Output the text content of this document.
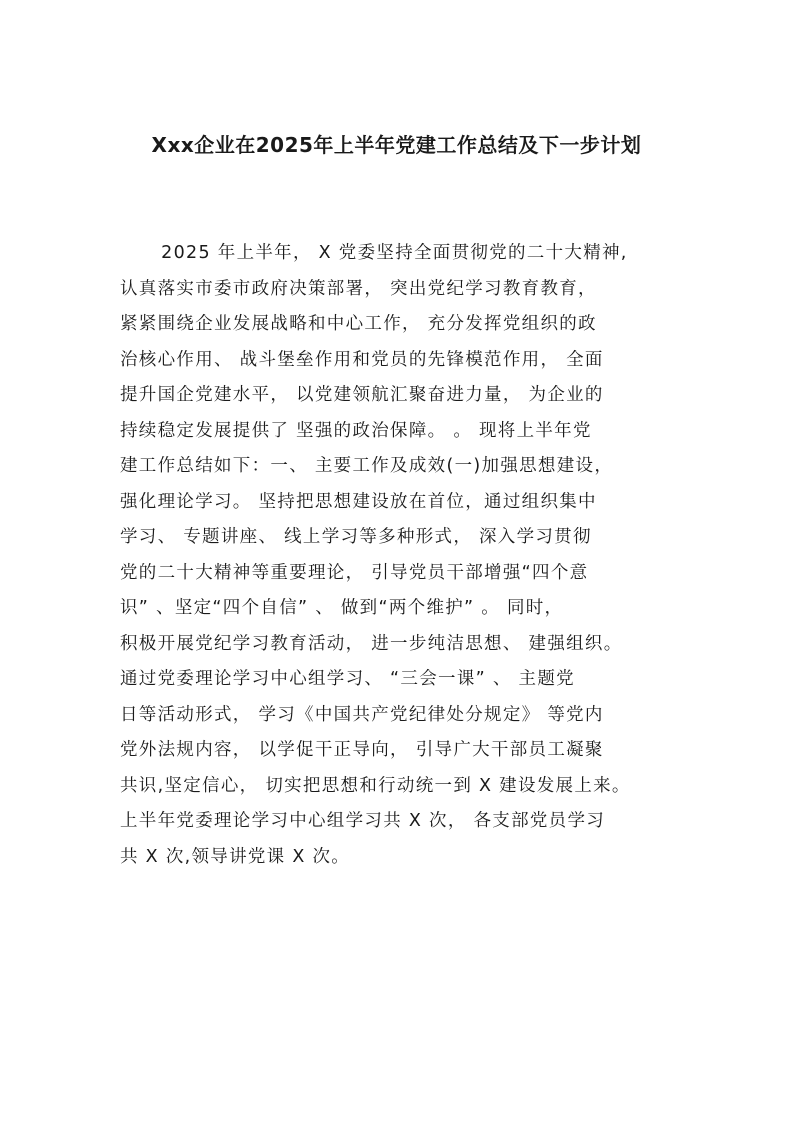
Xxx企业在2025年上半年党建工作总结及下一步计划
2025 年上半年， X 党委坚持全面贯彻党的二十大精神,
认真落实市委市政府决策部署， 突出党纪学习教育教育，
紧紧围绕企业发展战略和中心工作， 充分发挥党组织的政
治核心作用、 战斗堡垒作用和党员的先锋模范作用， 全面
提升国企党建水平， 以党建领航汇聚奋进力量， 为企业的
持续稳定发展提供了 坚强的政治保障。 。 现将上半年党
建工作总结如下：一、 主要工作及成效(一)加强思想建设，
强化理论学习。 坚持把思想建设放在首位，通过组织集中
学习、 专题讲座、 线上学习等多种形式， 深入学习贯彻
党的二十大精神等重要理论， 引导党员干部增强“四个意
识” 、坚定“四个自信” 、 做到“两个维护” 。 同时，
积极开展党纪学习教育活动， 进一步纯洁思想、 建强组织。
通过党委理论学习中心组学习、 “三会一课” 、 主题党
日等活动形式， 学习《中国共产党纪律处分规定》 等党内
党外法规内容， 以学促干正导向， 引导广大干部员工凝聚
共识,坚定信心， 切实把思想和行动统一到 X 建设发展上来。
上半年党委理论学习中心组学习共 X 次， 各支部党员学习
共 X 次,领导讲党课 X 次。
